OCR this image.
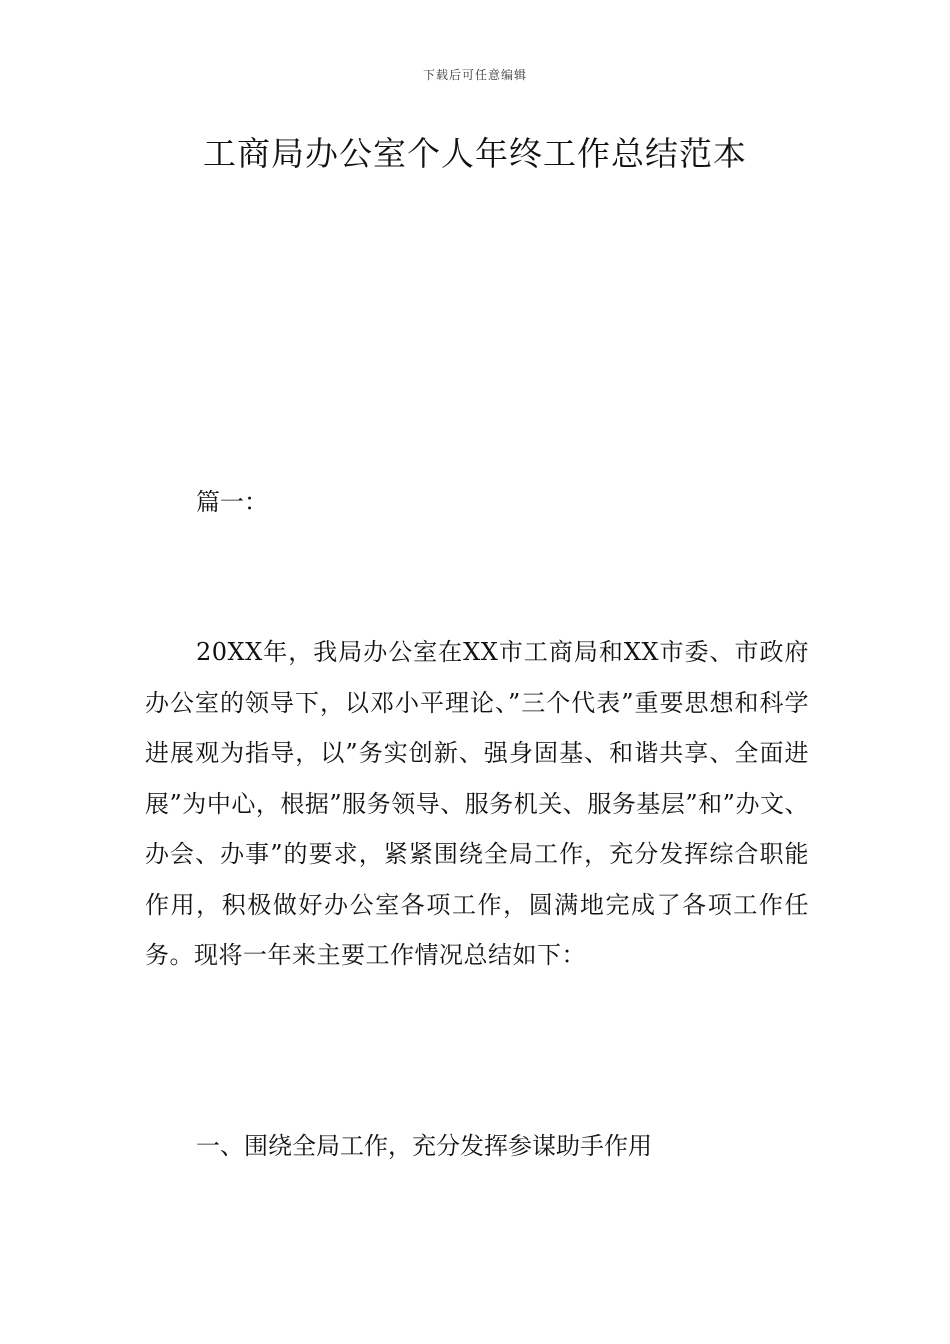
下载后可任意编辑
工商局办公室个人年终工作总结范本
篇一：

20XX年，我局办公室在XX市工商局和XX市委、市政府办公室的领导下，以邓小平理论、”三个代表”重要思想和科学进展观为指导，以”务实创新、强身固基、和谐共享、全面进展”为中心，根据”服务领导、服务机关、服务基层”和”办文、办会、办事”的要求，紧紧围绕全局工作，充分发挥综合职能作用，积极做好办公室各项工作，圆满地完成了各项工作任务。现将一年来主要工作情况总结如下：

一、围绕全局工作，充分发挥参谋助手作用
